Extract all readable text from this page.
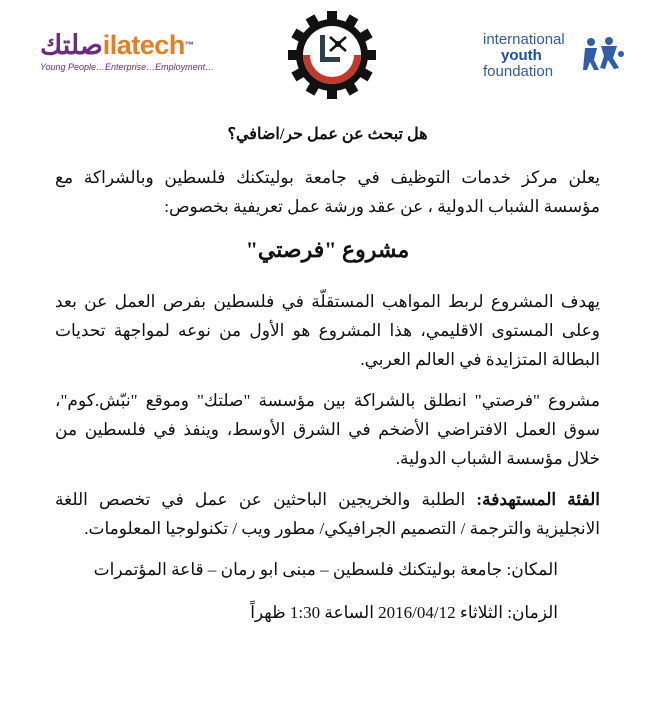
صلتكilatech™
Young People…Enterprise…Employment…
international
youth
foundation

هل تبحث عن عمل حر/اضافي؟

يعلن مركز خدمات التوظيف في جامعة بوليتكنك فلسطين وبالشراكة مع مؤسسة الشباب الدولية ، عن عقد ورشة عمل تعريفية بخصوص:

مشروع "فرصتي"

يهدف المشروع لربط المواهب المستقلّة في فلسطين بفرص العمل عن بعد وعلى المستوى الاقليمي، هذا المشروع هو الأول من نوعه لمواجهة تحديات البطالة المتزايدة في العالم العربي.

مشروع "فرصتي" انطلق بالشراكة بين مؤسسة "صلتك" وموقع "نبّش.كوم"، سوق العمل الافتراضي الأضخم في الشرق الأوسط، وينفذ في فلسطين من خلال مؤسسة الشباب الدولية.

الفئة المستهدفة: الطلبة والخريجين الباحثين عن عمل في تخصص اللغة الانجليزية والترجمة / التصميم الجرافيكي/ مطور ويب / تكنولوجيا المعلومات.

المكان: جامعة بوليتكنك فلسطين – مبنى ابو رمان – قاعة المؤتمرات

الزمان: الثلاثاء 2016/04/12 الساعة 1:30 ظهراً
